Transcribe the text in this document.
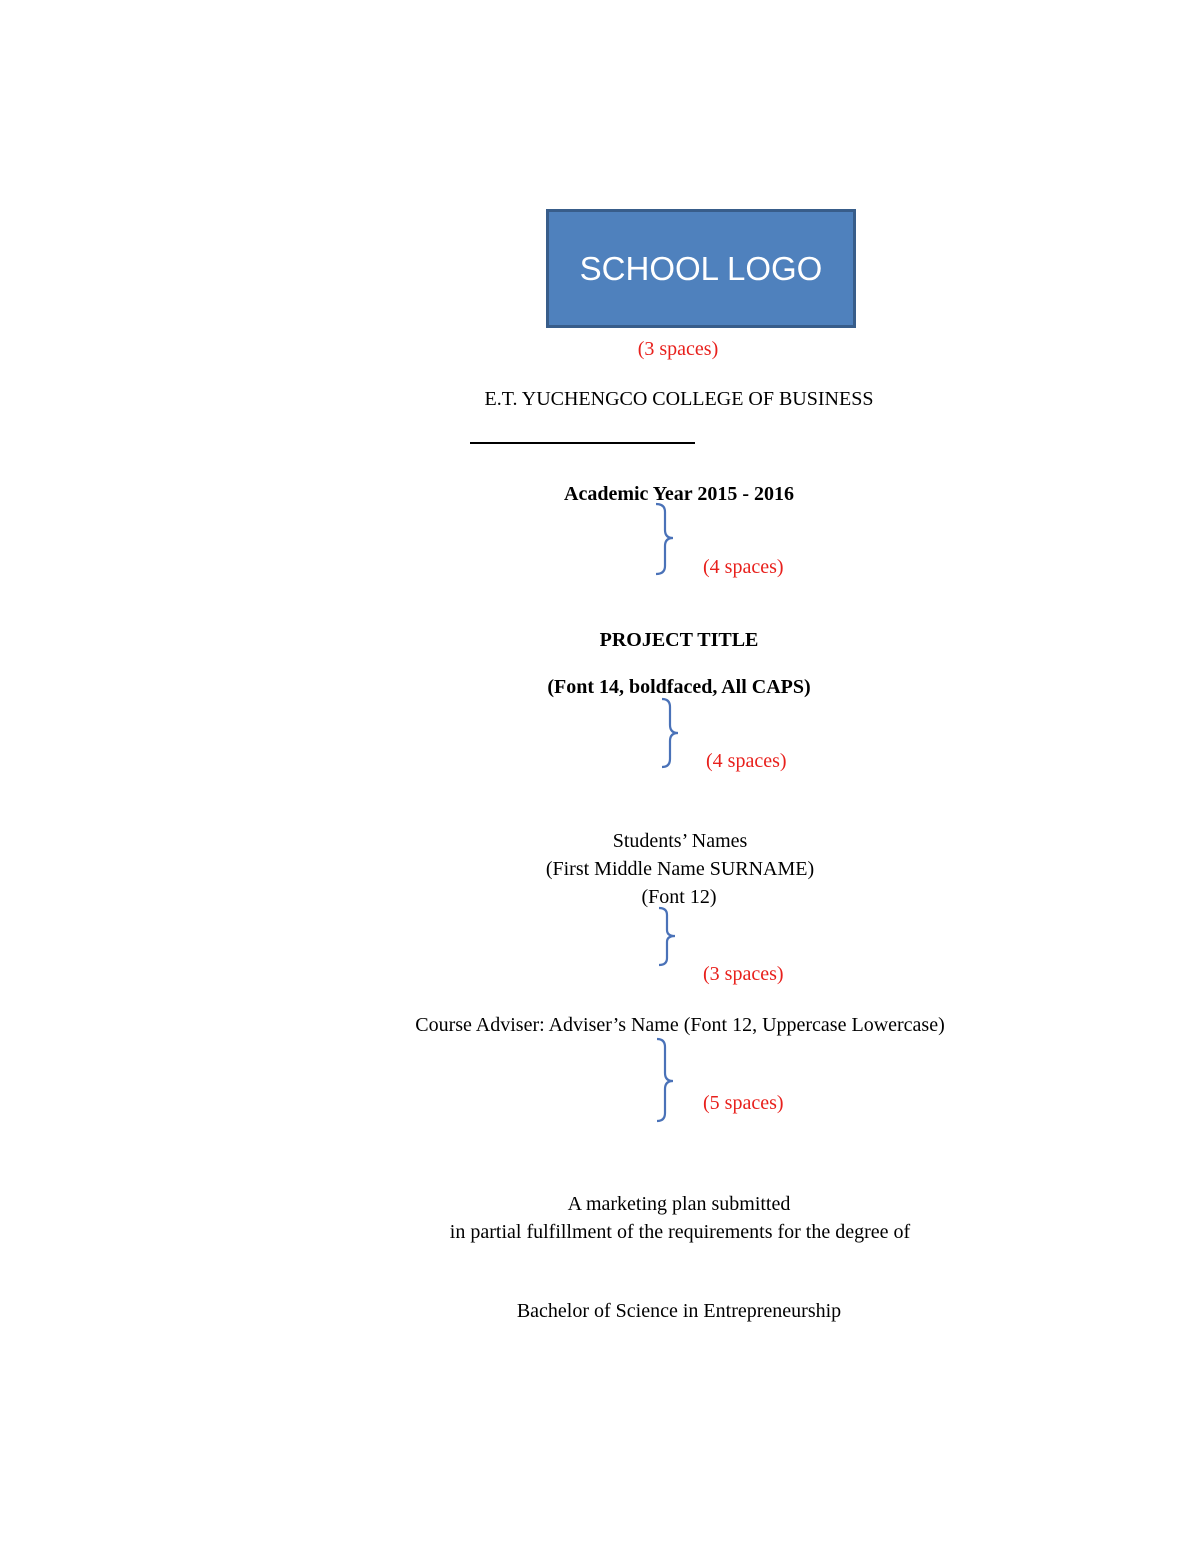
SCHOOL LOGO
(3 spaces)
E.T. YUCHENGCO COLLEGE OF BUSINESS
Academic Year 2015 - 2016
(4 spaces)
PROJECT TITLE
(Font 14, boldfaced, All CAPS)
(4 spaces)
Students’ Names
(First Middle Name SURNAME)
(Font 12)
(3 spaces)
Course Adviser: Adviser’s Name (Font 12, Uppercase Lowercase)
(5 spaces)
A marketing plan submitted
in partial fulfillment of the requirements for the degree of
Bachelor of Science in Entrepreneurship
